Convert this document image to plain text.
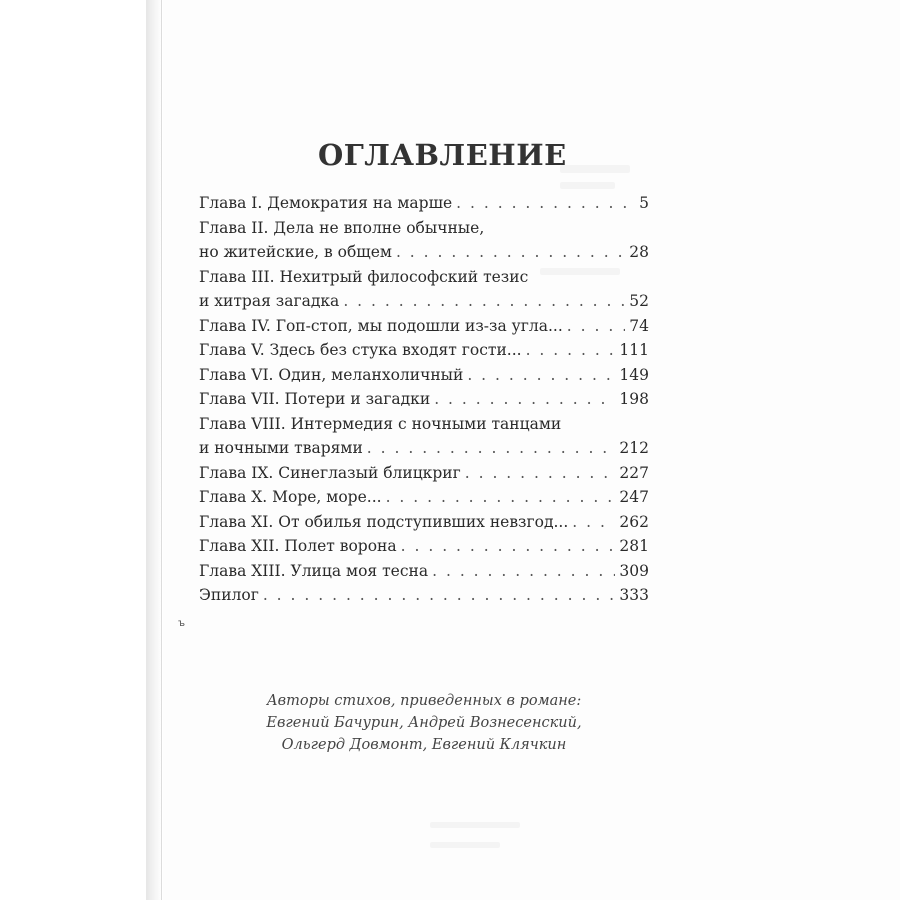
ОГЛАВЛЕНИЕ
Глава I. Демократия на марше . . .	5
Глава II. Дела не вполне обычные,
но житейские, в общем . . .	28
Глава III. Нехитрый философский тезис
и хитрая загадка . . .	52
Глава IV. Гоп-стоп, мы подошли из-за угла... . . .	74
Глава V. Здесь без стука входят гости... . . .	111
Глава VI. Один, меланхоличный . . .	149
Глава VII. Потери и загадки . . .	198
Глава VIII. Интермедия с ночными танцами
и ночными тварями . . .	212
Глава IX. Синеглазый блицкриг . . .	227
Глава X. Море, море... . . .	247
Глава XI. От обилья подступивших невзгод... . . .	262
Глава XII. Полет ворона . . .	281
Глава XIII. Улица моя тесна . . .	309
Эпилог . . .	333
ъ
Авторы стихов, приведенных в романе:
Евгений Бачурин, Андрей Вознесенский,
Ольгерд Довмонт, Евгений Клячкин
